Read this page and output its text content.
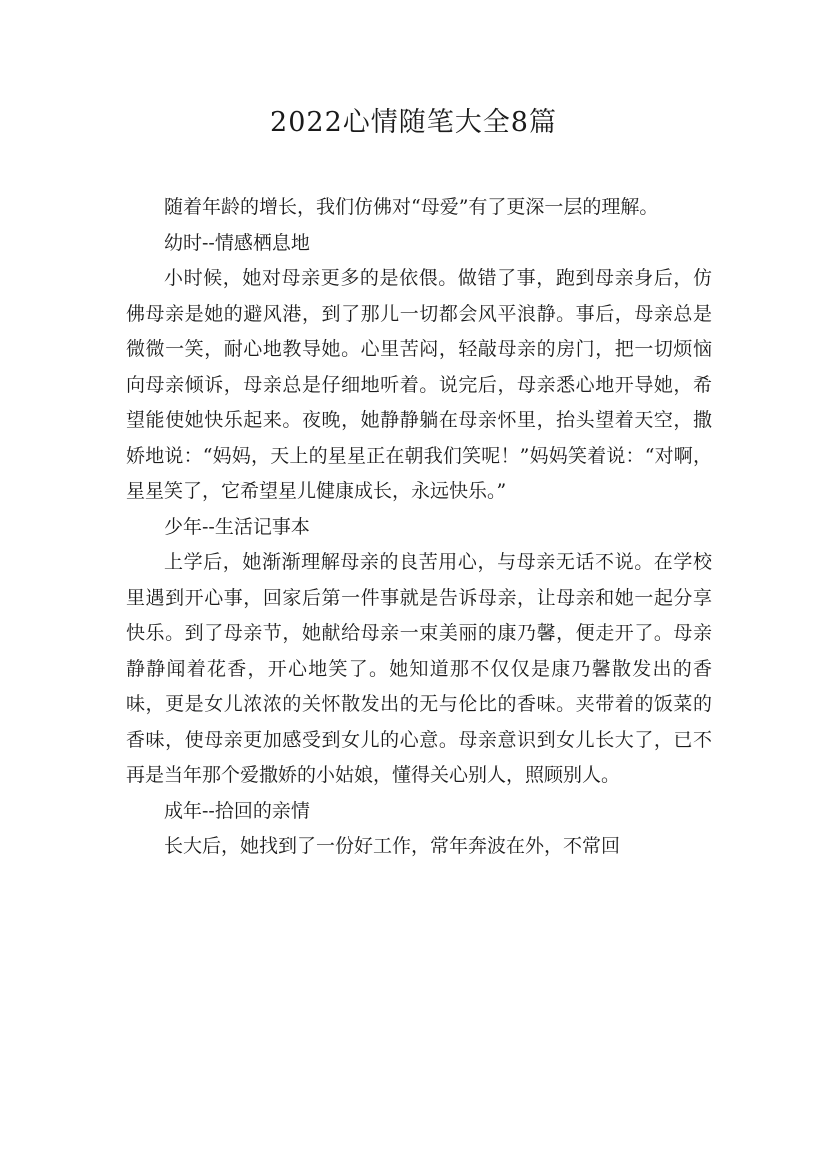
2022心情随笔大全8篇

随着年龄的增长，我们仿佛对“母爱”有了更深一层的理解。

幼时--情感栖息地

小时候，她对母亲更多的是依偎。做错了事，跑到母亲身后，仿佛母亲是她的避风港，到了那儿一切都会风平浪静。事后，母亲总是微微一笑，耐心地教导她。心里苦闷，轻敲母亲的房门，把一切烦恼向母亲倾诉，母亲总是仔细地听着。说完后，母亲悉心地开导她，希望能使她快乐起来。夜晚，她静静躺在母亲怀里，抬头望着天空，撒娇地说：“妈妈，天上的星星正在朝我们笑呢！”妈妈笑着说：“对啊，星星笑了，它希望星儿健康成长，永远快乐。”

少年--生活记事本

上学后，她渐渐理解母亲的良苦用心，与母亲无话不说。在学校里遇到开心事，回家后第一件事就是告诉母亲，让母亲和她一起分享快乐。到了母亲节，她献给母亲一束美丽的康乃馨，便走开了。母亲静静闻着花香，开心地笑了。她知道那不仅仅是康乃馨散发出的香味，更是女儿浓浓的关怀散发出的无与伦比的香味。夹带着的饭菜的香味，使母亲更加感受到女儿的心意。母亲意识到女儿长大了，已不再是当年那个爱撒娇的小姑娘，懂得关心别人，照顾别人。

成年--拾回的亲情

长大后，她找到了一份好工作，常年奔波在外，不常回
